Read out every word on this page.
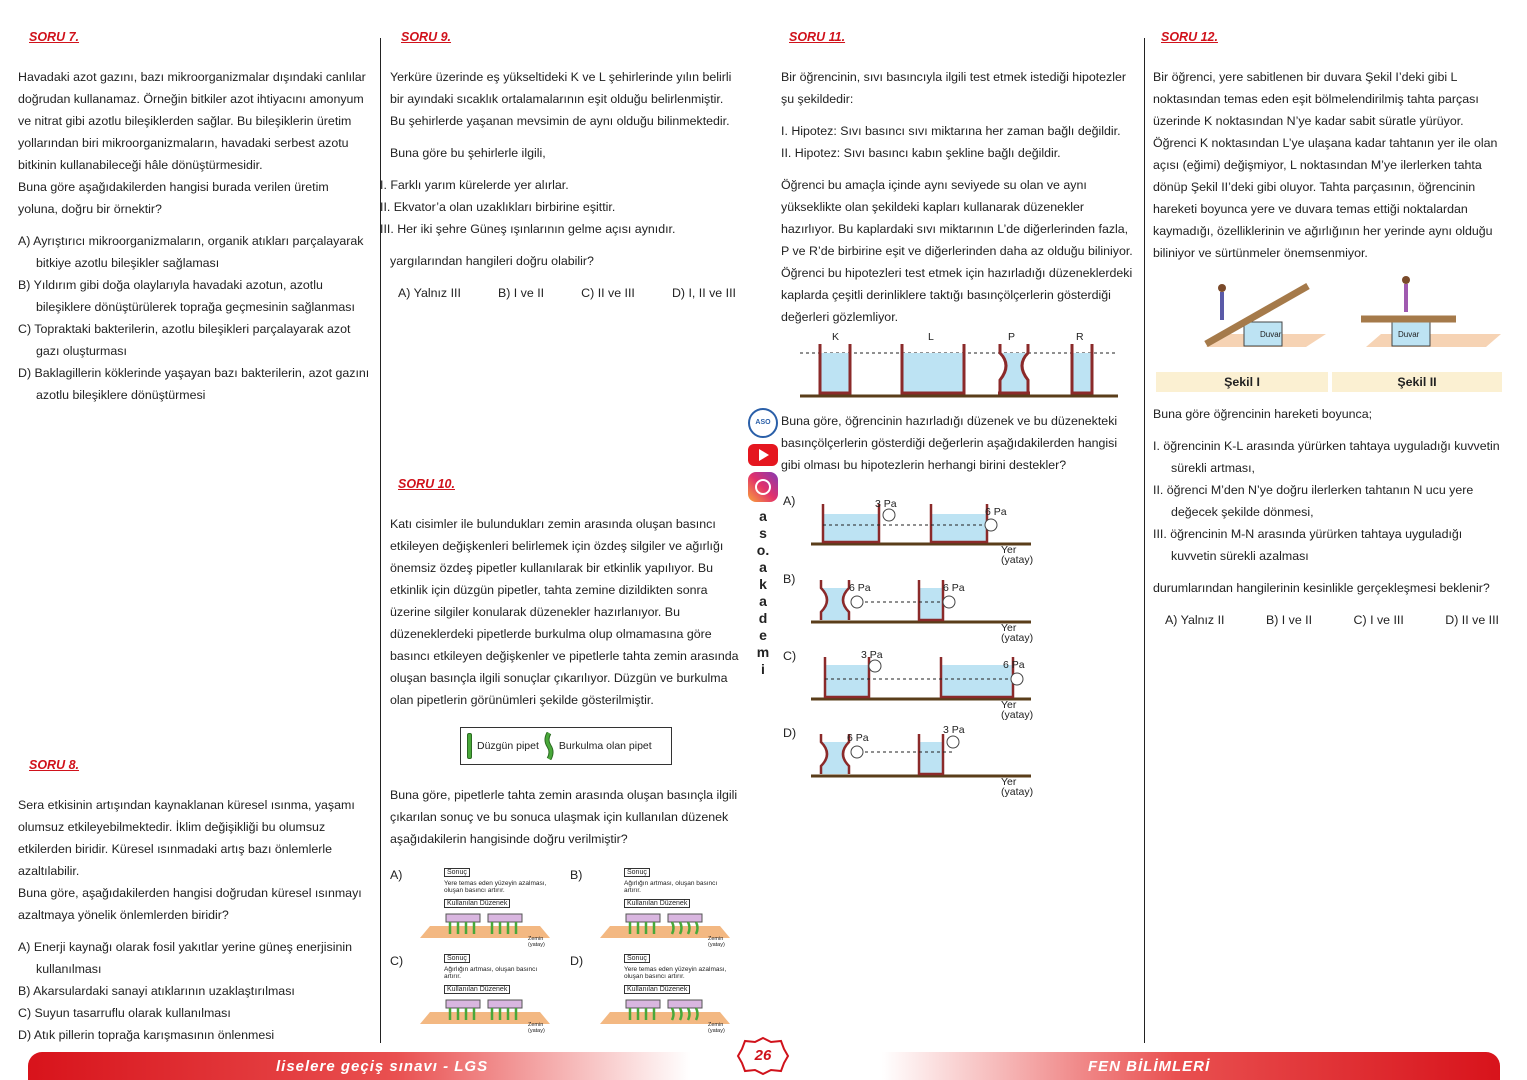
SORU 7.
Havadaki azot gazını, bazı mikroorganizmalar dışındaki canlılar doğrudan kullanamaz. Örneğin bitkiler azot ihtiyacını amonyum ve nitrat gibi azotlu bileşiklerden sağlar. Bu bileşiklerin üretim yollarından biri mikroorganizmaların, havadaki serbest azotu bitkinin kullanabileceği hâle dönüştürmesidir.
Buna göre aşağıdakilerden hangisi burada verilen üretim yoluna, doğru bir örnektir?
A) Ayrıştırıcı mikroorganizmaların, organik atıkları parçalayarak bitkiye azotlu bileşikler sağlaması
B) Yıldırım gibi doğa olaylarıyla havadaki azotun, azotlu bileşiklere dönüştürülerek toprağa geçmesinin sağlanması
C) Topraktaki bakterilerin, azotlu bileşikleri parçalayarak azot gazı oluşturması
D) Baklagillerin köklerinde yaşayan bazı bakterilerin, azot gazını azotlu bileşiklere dönüştürmesi
SORU 8.
Sera etkisinin artışından kaynaklanan küresel ısınma, yaşamı olumsuz etkileyebilmektedir. İklim değişikliği bu olumsuz etkilerden biridir. Küresel ısınmadaki artış bazı önlemlerle azaltılabilir.
Buna göre, aşağıdakilerden hangisi doğrudan küresel ısınmayı azaltmaya yönelik önlemlerden biridir?
A) Enerji kaynağı olarak fosil yakıtlar yerine güneş enerjisinin kullanılması
B) Akarsulardaki sanayi atıklarının uzaklaştırılması
C) Suyun tasarruflu olarak kullanılması
D) Atık pillerin toprağa karışmasının önlenmesi
SORU 9.
Yerküre üzerinde eş yükseltideki K ve L şehirlerinde yılın belirli bir ayındaki sıcaklık ortalamalarının eşit olduğu belirlenmiştir. Bu şehirlerde yaşanan mevsimin de aynı olduğu bilinmektedir.
Buna göre bu şehirlerle ilgili,
I. Farklı yarım kürelerde yer alırlar.
II. Ekvator’a olan uzaklıkları birbirine eşittir.
III. Her iki şehre Güneş ışınlarının gelme açısı aynıdır.
yargılarından hangileri doğru olabilir?
A) Yalnız III	B) I ve II	C) II ve III	D) I, II ve III
SORU 10.
Katı cisimler ile bulundukları zemin arasında oluşan basıncı etkileyen değişkenleri belirlemek için özdeş silgiler ve ağırlığı önemsiz özdeş pipetler kullanılarak bir etkinlik yapılıyor. Bu etkinlik için düzgün pipetler, tahta zemine dizildikten sonra üzerine silgiler konularak düzenekler hazırlanıyor. Bu düzeneklerdeki pipetlerde burkulma olup olmamasına göre basıncı etkileyen değişkenler ve pipetlerle tahta zemin arasında oluşan basınçla ilgili sonuçlar çıkarılıyor. Düzgün ve burkulma olan pipetlerin görünümleri şekilde gösterilmiştir.
Düzgün pipet Burkulma olan pipet
Buna göre, pipetlerle tahta zemin arasında oluşan basınçla ilgili çıkarılan sonuç ve bu sonuca ulaşmak için kullanılan düzenek aşağıdakilerin hangisinde doğru verilmiştir?
A)	Sonuç
Yere temas eden yüzeyin azalması, oluşan basıncı artırır.
Kullanılan Düzenek
Zemin (yatay)
B)	Sonuç
Ağırlığın artması, oluşan basıncı artırır.
Kullanılan Düzenek
Zemin (yatay)
C)	Sonuç
Ağırlığın artması, oluşan basıncı artırır.
Kullanılan Düzenek
Zemin (yatay)
D)	Sonuç
Yere temas eden yüzeyin azalması, oluşan basıncı artırır.
Kullanılan Düzenek
Zemin (yatay)
SORU 11.
Bir öğrencinin, sıvı basıncıyla ilgili test etmek istediği hipotezler şu şekildedir:
I. Hipotez: Sıvı basıncı sıvı miktarına her zaman bağlı değildir.
II. Hipotez: Sıvı basıncı kabın şekline bağlı değildir.
Öğrenci bu amaçla içinde aynı seviyede su olan ve aynı yükseklikte olan şekildeki kapları kullanarak düzenekler hazırlıyor. Bu kaplardaki sıvı miktarının L’de diğerlerinden fazla, P ve R’de birbirine eşit ve diğerlerinden daha az olduğu biliniyor. Öğrenci bu hipotezleri test etmek için hazırladığı düzeneklerdeki kaplarda çeşitli derinliklere taktığı basınçölçerlerin gösterdiği değerleri gözlemliyor.
K	L	P	R
Buna göre, öğrencinin hazırladığı düzenek ve bu düzenekteki basınçölçerlerin gösterdiği değerlerin aşağıdakilerden hangisi gibi olması bu hipotezlerin herhangi birini destekler?
A)	3 Pa
6 Pa
Yer
(yatay)
B)
6 Pa	6 Pa
Yer
(yatay)
C)	3 Pa
6 Pa
Yer
(yatay)
D)	6 Pa
3 Pa
Yer
(yatay)
ASO
aso.akademi
SORU 12.
Bir öğrenci, yere sabitlenen bir duvara Şekil I’deki gibi L noktasından temas eden eşit bölmelendirilmiş tahta parçası üzerinde K noktasından N’ye kadar sabit süratle yürüyor. Öğrenci K noktasından L’ye ulaşana kadar tahtanın yer ile olan açısı (eğimi) değişmiyor, L noktasından M’ye ilerlerken tahta dönüp Şekil II’deki gibi oluyor. Tahta parçasının, öğrencinin hareketi boyunca yere ve duvara temas ettiği noktalardan kaymadığı, özelliklerinin ve ağırlığının her yerinde aynı olduğu biliniyor ve sürtünmeler önemsenmiyor.
Duvar	Duvar
Şekil I	Şekil II
Buna göre öğrencinin hareketi boyunca;
I. öğrencinin K-L arasında yürürken tahtaya uyguladığı kuvvetin sürekli artması,
II. öğrenci M’den N’ye doğru ilerlerken tahtanın N ucu yere değecek şekilde dönmesi,
III. öğrencinin M-N arasında yürürken tahtaya uyguladığı kuvvetin sürekli azalması
durumlarından hangilerinin kesinlikle gerçekleşmesi beklenir?
A) Yalnız II	B) I ve II	C) I ve III	D) II ve III
liselere geçiş sınavı - LGS	FEN BİLİMLERİ
26
